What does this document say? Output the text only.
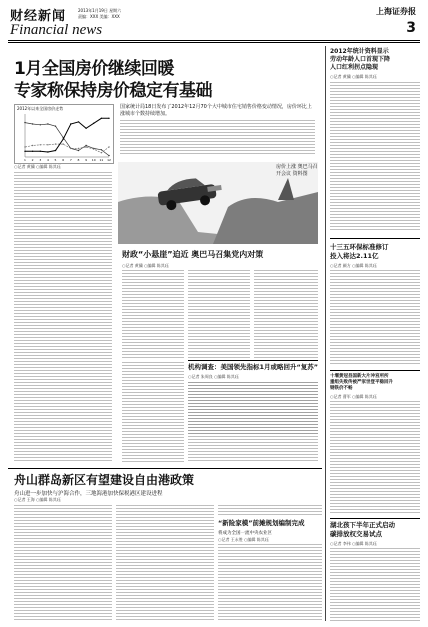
财经新闻
Financial news
2013年1月19日 星期六
责编：XXX 美编：XXX
上海证券报
3
1月全国房价继续回暖
专家称保持房价稳定有基础
2012年统计资料显示
劳动年龄人口首现下降
人口红利拐点隐现
○记者 黄骥 ○编辑 陈其珏
2012年以来全国房价走势
1 2 3 4 5 6 7 8 9 10 11 12
○记者 黄骥 ○编辑 陈其珏
国家统计局18日发布了2012年12月70个大中城市住宅销售价格变动情况，房价环比上涨城市个数持续增加。
房价上涨 奥巴马召开会议 资料图
财政“小悬崖”迫近 奥巴马召集党内对策
○记者 黄骥 ○编辑 陈其珏
机构调查：美国领先指标1月或略回升“复苏”
○记者 朱周良 ○编辑 陈其珏
十三五环保标准修订
投入将达2.11亿
○记者 颜方 ○编辑 陈其珏
十堰黄冠县国新大片冲宫所所
重组失败传被严家世登平稳回升
钢铁价不畅
○记者 曹军 ○编辑 陈其珏
舟山群岛新区有望建设自由港政策
舟山进一步加快与沪海合作，三地海港加快保税港区建设进程
○记者 王海 ○编辑 陈其珏
“新险家模”前摊规划编制完成
将成为全国一流中央农业区
○记者 王永胜 ○编辑 陈其珏
湖北孩下半年正式启动
碳排放权交易试点
○记者 李伟 ○编辑 陈其珏
